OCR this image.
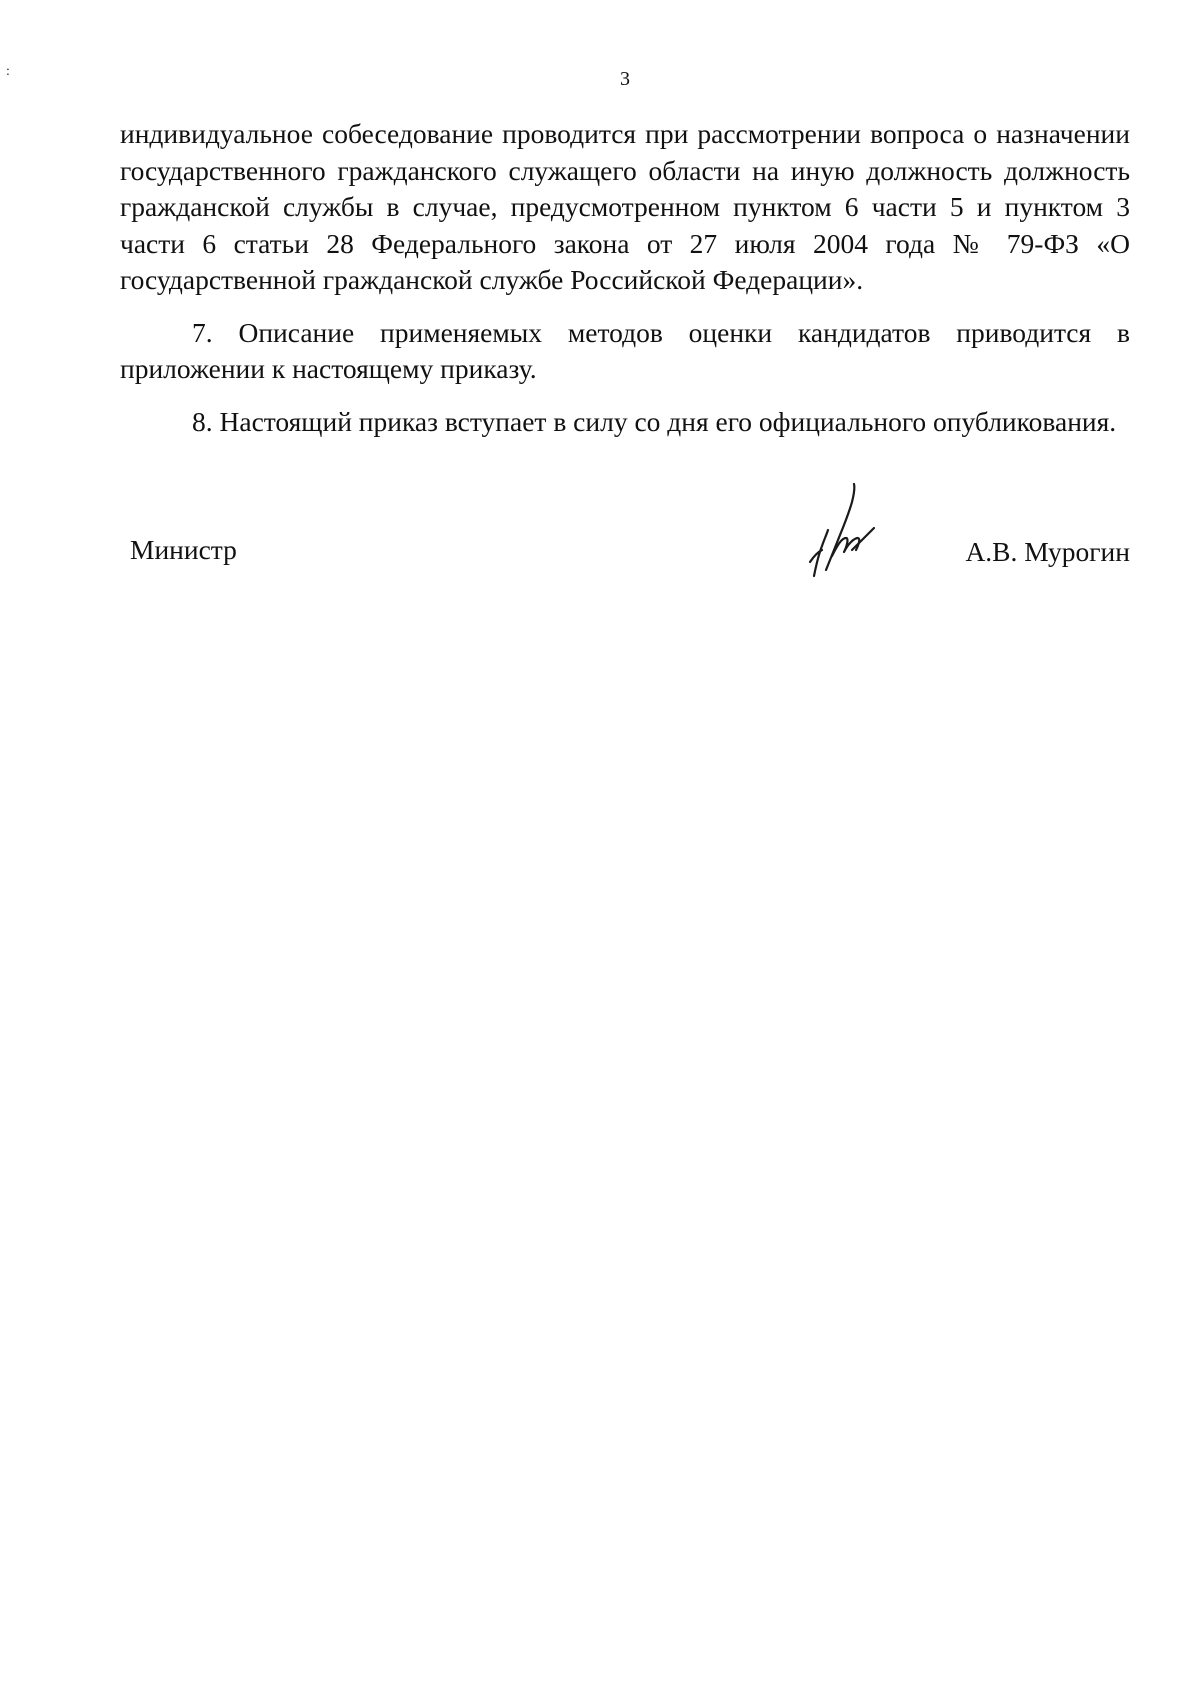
:	3

индивидуальное собеседование проводится при рассмотрении вопроса о назначении государственного гражданского служащего области на иную должность должность гражданской службы в случае, предусмотренном пунктом 6 части 5 и пунктом 3 части 6 статьи 28 Федерального закона от 27 июля 2004 года № 79-ФЗ «О государственной гражданской службе Российской Федерации».

7. Описание применяемых методов оценки кандидатов приводится в приложении к настоящему приказу.

8. Настоящий приказ вступает в силу со дня его официального опубликования.

Министр	А.В. Мурогин
